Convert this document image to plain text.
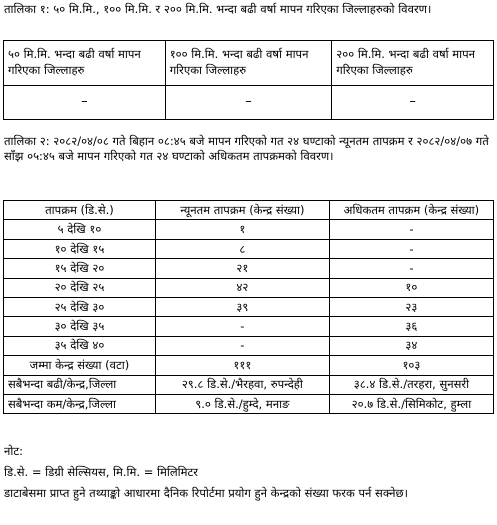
तालिका १: ५० मि.मि., १०० मि.मि. र २०० मि.मि. भन्दा बढी वर्षा मापन गरिएका जिल्लाहरुको विवरण।
५० मि.मि. भन्दा बढी वर्षा मापन गरिएका जिल्लाहरु	१०० मि.मि. भन्दा बढी वर्षा मापन गरिएका जिल्लाहरु	२०० मि.मि. भन्दा बढी वर्षा मापन गरिएका जिल्लाहरु
–	–	–
तालिका २: २०८२/०४/०८ गते बिहान ०८:४५ बजे मापन गरिएको गत २४ घण्टाको न्यूनतम तापक्रम र २०८२/०४/०७ गते साँझ ०५:४५ बजे मापन गरिएको गत २४ घण्टाको अधिकतम तापक्रमको विवरण।
तापक्रम (डि.से.)	न्यूनतम तापक्रम (केन्द्र संख्या)	अधिकतम तापक्रम (केन्द्र संख्या)
५ देखि १०	१	-
१० देखि १५	८	-
१५ देखि २०	२१	-
२० देखि २५	४२	१०
२५ देखि ३०	३९	२३
३० देखि ३५	-	३६
३५ देखि ४०	-	३४
जम्मा केन्द्र संख्या (वटा)	१११	१०३
सबैभन्दा बढी/केन्द्र,जिल्ला	२९.८ डि.से./भैरहवा, रुपन्देही	३८.४ डि.से./तरहरा, सुनसरी
सबैभन्दा कम/केन्द्र,जिल्ला	९.० डि.से./हुम्दे, मनाङ	२०.७ डि.से./सिमिकोट, हुम्ला
नोट:
डि.से. = डिग्री सेल्सियस, मि.मि. = मिलिमिटर
डाटाबेसमा प्राप्त हुने तथ्याङ्को आधारमा दैनिक रिपोर्टमा प्रयोग हुने केन्द्रको संख्या फरक पर्न सक्नेछ।
